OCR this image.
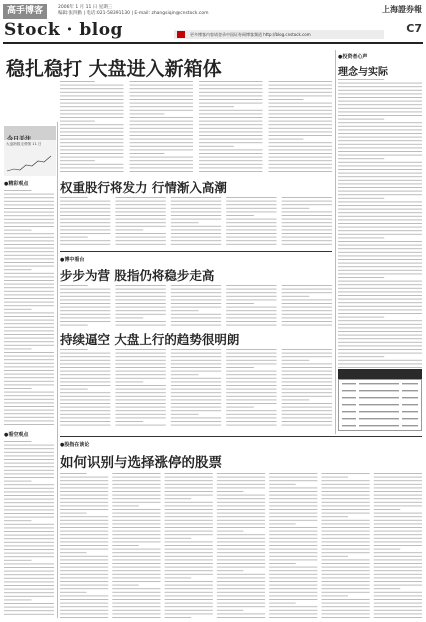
高手博客	2006年 1 月 11 日 星期三
编辑:张四勤 | 电话:021-58391130 | E-mail: zhangsiqin@cnstock.com
Stock · blog
上海證券報
C7
更多博客内容请登录中国证券网博客频道 http://blog.cnstock.com
稳扎稳打 大盘进入新箱体
大盘指数走势图 11 日
●精彩观点
●看空观点
权重股行将发力 行情渐入高潮
●博中看台
步步为营 股指仍将稳步走高
持续逼空 大盘上行的趋势很明朗
●投资者心声
理念与实际
●股指在谈论
如何识别与选择涨停的股票
